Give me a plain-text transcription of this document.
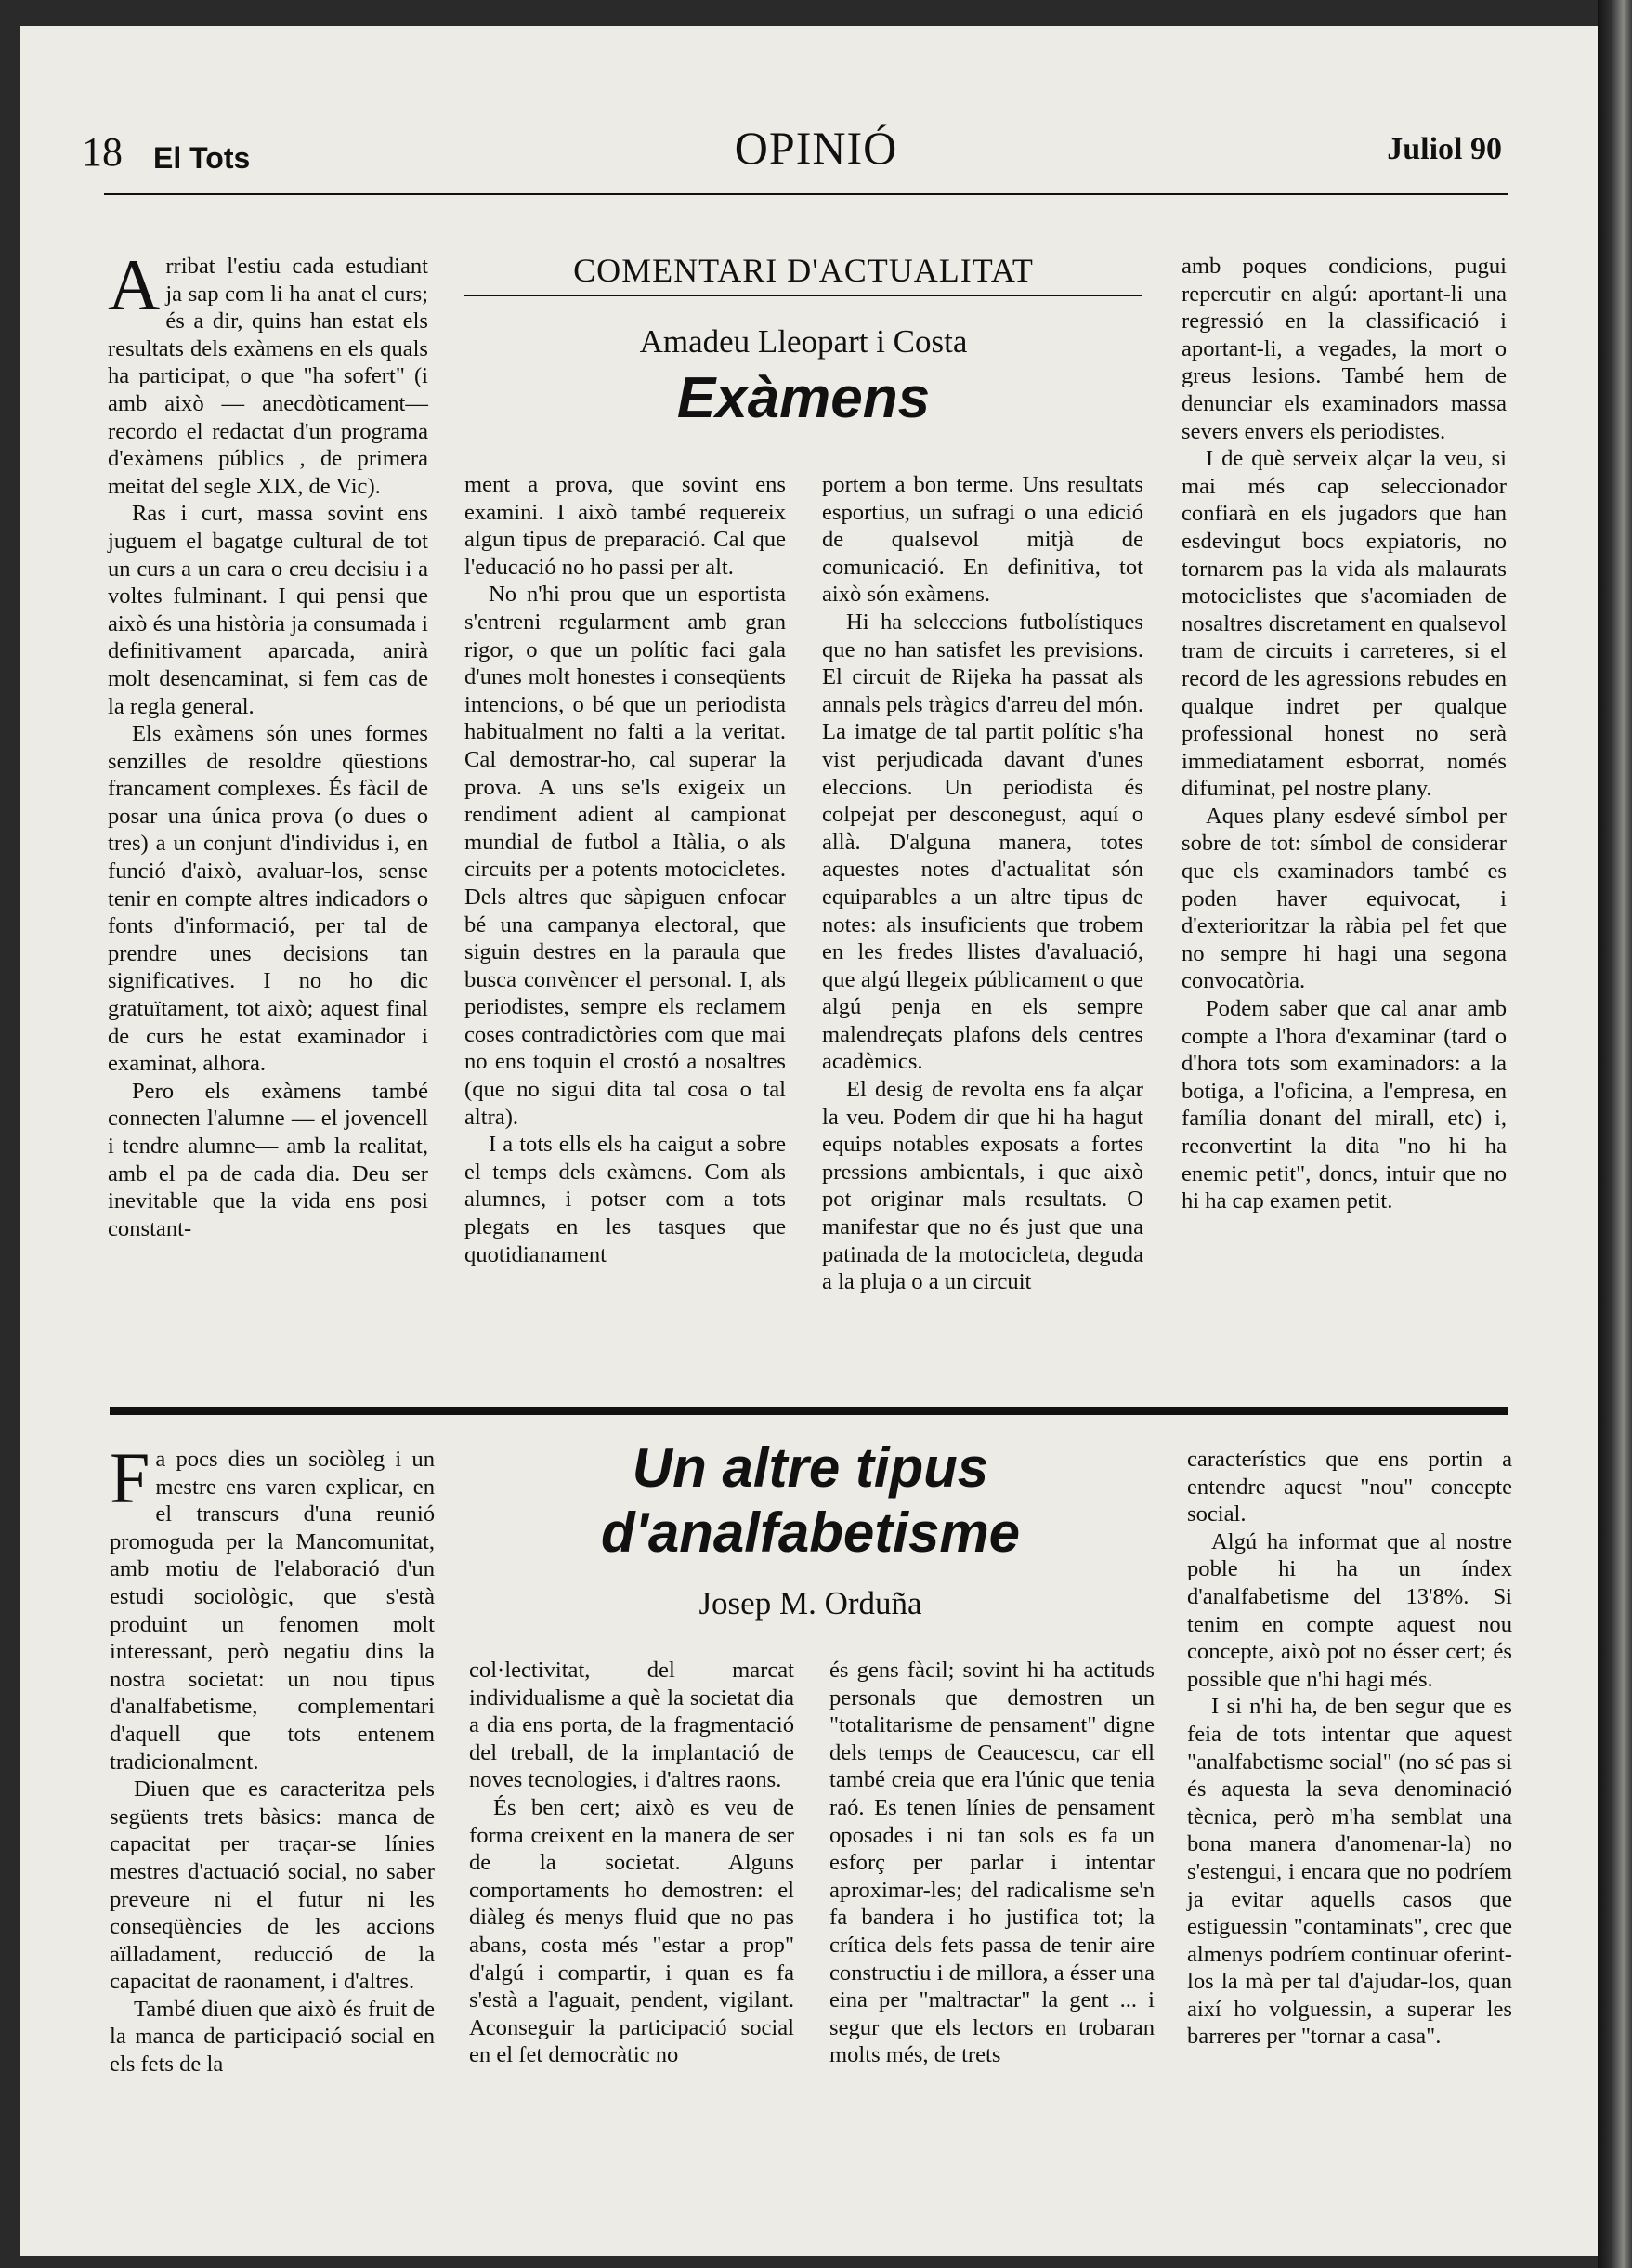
18 El Tots	OPINIÓ	Juliol 90

Arribat l'estiu cada estudiant ja sap com li ha anat el curs; és a dir, quins han estat els resultats dels exàmens en els quals ha participat, o que "ha sofert" (i amb això — anecdòticament— recordo el redactat d'un programa d'exàmens públics , de primera meitat del segle XIX, de Vic).

Ras i curt, massa sovint ens juguem el bagatge cultural de tot un curs a un cara o creu decisiu i a voltes fulminant. I qui pensi que això és una història ja consumada i definitivament aparcada, anirà molt desencaminat, si fem cas de la regla general.

Els exàmens són unes formes senzilles de resoldre qüestions francament complexes. És fàcil de posar una única prova (o dues o tres) a un conjunt d'individus i, en funció d'això, avaluar-los, sense tenir en compte altres indicadors o fonts d'informació, per tal de prendre unes decisions tan significatives. I no ho dic gratuïtament, tot això; aquest final de curs he estat examinador i examinat, alhora.

Pero els exàmens també connecten l'alumne — el jovencell i tendre alumne— amb la realitat, amb el pa de cada dia. Deu ser inevitable que la vida ens posi constant-

COMENTARI D'ACTUALITAT
Amadeu Lleopart i Costa
Exàmens

ment a prova, que sovint ens examini. I això també requereix algun tipus de preparació. Cal que l'educació no ho passi per alt.

No n'hi prou que un esportista s'entreni regularment amb gran rigor, o que un polític faci gala d'unes molt honestes i conseqüents intencions, o bé que un periodista habitualment no falti a la veritat. Cal demostrar-ho, cal superar la prova. A uns se'ls exigeix un rendiment adient al campionat mundial de futbol a Itàlia, o als circuits per a potents motocicletes. Dels altres que sàpiguen enfocar bé una campanya electoral, que siguin destres en la paraula que busca convèncer el personal. I, als periodistes, sempre els reclamem coses contradictòries com que mai no ens toquin el crostó a nosaltres (que no sigui dita tal cosa o tal altra).

I a tots ells els ha caigut a sobre el temps dels exàmens. Com als alumnes, i potser com a tots plegats en les tasques que quotidianament

portem a bon terme. Uns resultats esportius, un sufragi o una edició de qualsevol mitjà de comunicació. En definitiva, tot això són exàmens.

Hi ha seleccions futbolístiques que no han satisfet les previsions. El circuit de Rijeka ha passat als annals pels tràgics d'arreu del món. La imatge de tal partit polític s'ha vist perjudicada davant d'unes eleccions. Un periodista és colpejat per desconegust, aquí o allà. D'alguna manera, totes aquestes notes d'actualitat són equiparables a un altre tipus de notes: als insuficients que trobem en les fredes llistes d'avaluació, que algú llegeix públicament o que algú penja en els sempre malendreçats plafons dels centres acadèmics.

El desig de revolta ens fa alçar la veu. Podem dir que hi ha hagut equips notables exposats a fortes pressions ambientals, i que això pot originar mals resultats. O manifestar que no és just que una patinada de la motocicleta, deguda a la pluja o a un circuit

amb poques condicions, pugui repercutir en algú: aportant-li una regressió en la classificació i aportant-li, a vegades, la mort o greus lesions. També hem de denunciar els examinadors massa severs envers els periodistes.

I de què serveix alçar la veu, si mai més cap seleccionador confiarà en els jugadors que han esdevingut bocs expiatoris, no tornarem pas la vida als malaurats motociclistes que s'acomiaden de nosaltres discretament en qualsevol tram de circuits i carreteres, si el record de les agressions rebudes en qualque indret per qualque professional honest no serà immediatament esborrat, només difuminat, pel nostre plany.

Aques plany esdevé símbol per sobre de tot: símbol de considerar que els examinadors també es poden haver equivocat, i d'exterioritzar la ràbia pel fet que no sempre hi hagi una segona convocatòria.

Podem saber que cal anar amb compte a l'hora d'examinar (tard o d'hora tots som examinadors: a la botiga, a l'oficina, a l'empresa, en família donant del mirall, etc) i, reconvertint la dita "no hi ha enemic petit", doncs, intuir que no hi ha cap examen petit.

Fa pocs dies un sociòleg i un mestre ens varen explicar, en el transcurs d'una reunió promoguda per la Mancomunitat, amb motiu de l'elaboració d'un estudi sociològic, que s'està produint un fenomen molt interessant, però negatiu dins la nostra societat: un nou tipus d'analfabetisme, complementari d'aquell que tots entenem tradicionalment.

Diuen que es caracteritza pels següents trets bàsics: manca de capacitat per traçar-se línies mestres d'actuació social, no saber preveure ni el futur ni les conseqüències de les accions aïlladament, reducció de la capacitat de raonament, i d'altres.

També diuen que això és fruit de la manca de participació social en els fets de la

Un altre tipus
d'analfabetisme
Josep M. Orduña

col·lectivitat, del marcat individualisme a què la societat dia a dia ens porta, de la fragmentació del treball, de la implantació de noves tecnologies, i d'altres raons.

És ben cert; això es veu de forma creixent en la manera de ser de la societat. Alguns comportaments ho demostren: el diàleg és menys fluid que no pas abans, costa més "estar a prop" d'algú i compartir, i quan es fa s'està a l'aguait, pendent, vigilant. Aconseguir la participació social en el fet democràtic no

és gens fàcil; sovint hi ha actituds personals que demostren un "totalitarisme de pensament" digne dels temps de Ceaucescu, car ell també creia que era l'únic que tenia raó. Es tenen línies de pensament oposades i ni tan sols es fa un esforç per parlar i intentar aproximar-les; del radicalisme se'n fa bandera i ho justifica tot; la crítica dels fets passa de tenir aire constructiu i de millora, a ésser una eina per "maltractar" la gent ... i segur que els lectors en trobaran molts més, de trets

característics que ens portin a entendre aquest "nou" concepte social.

Algú ha informat que al nostre poble hi ha un índex d'analfabetisme del 13'8%. Si tenim en compte aquest nou concepte, això pot no ésser cert; és possible que n'hi hagi més.

I si n'hi ha, de ben segur que es feia de tots intentar que aquest "analfabetisme social" (no sé pas si és aquesta la seva denominació tècnica, però m'ha semblat una bona manera d'anomenar-la) no s'estengui, i encara que no podríem ja evitar aquells casos que estiguessin "contaminats", crec que almenys podríem continuar oferint-los la mà per tal d'ajudar-los, quan així ho volguessin, a superar les barreres per "tornar a casa".
